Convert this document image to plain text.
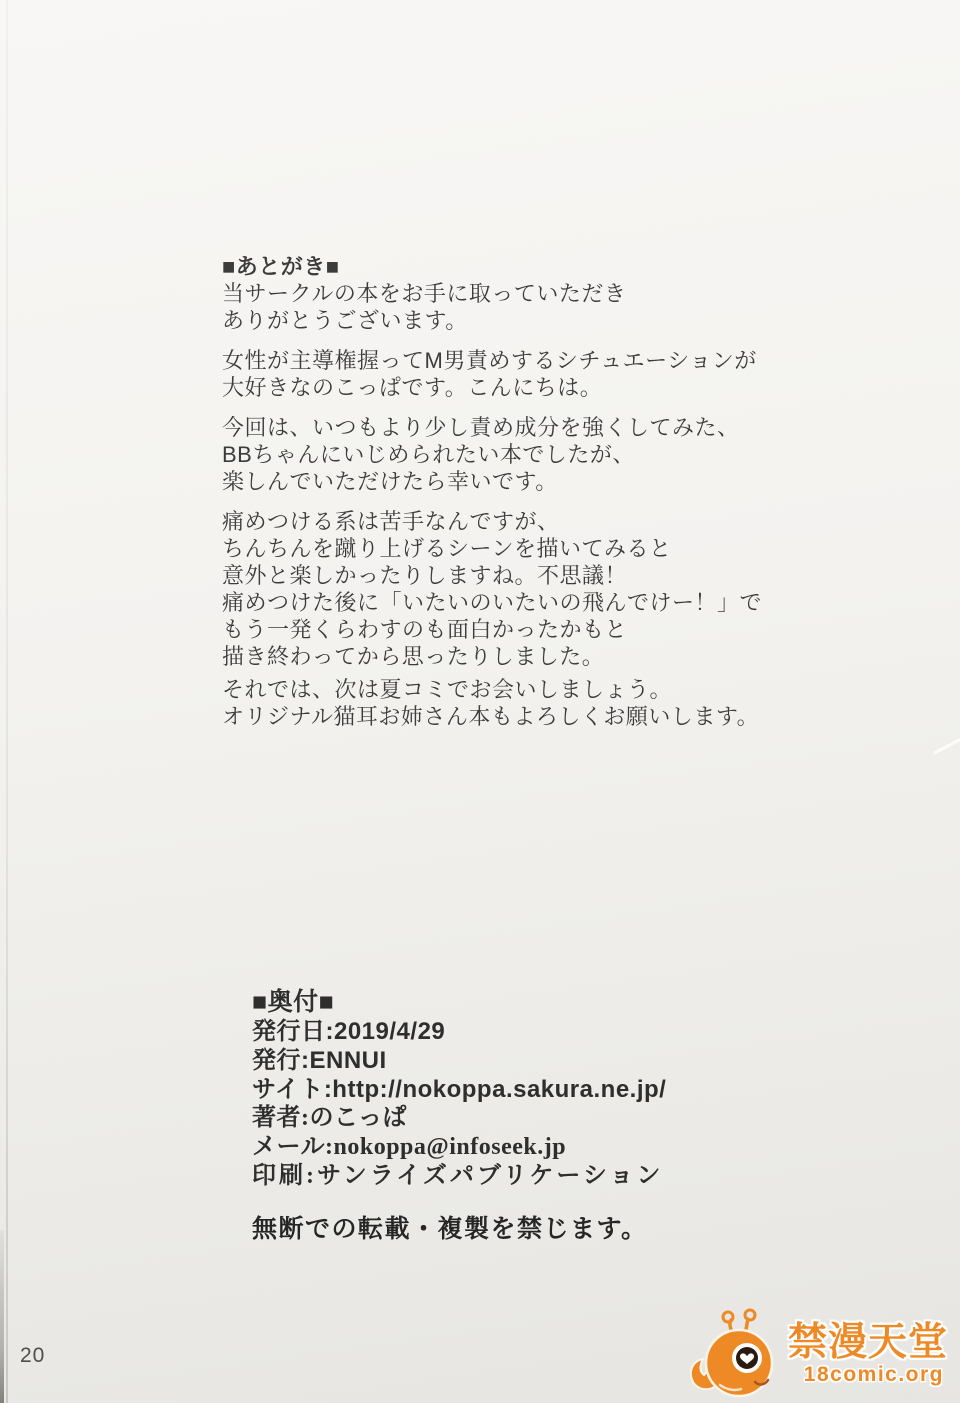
■あとがき■
当サークルの本をお手に取っていただき
ありがとうございます。
女性が主導権握ってM男責めするシチュエーションが
大好きなのこっぱです。こんにちは。
今回は、いつもより少し責め成分を強くしてみた、
BBちゃんにいじめられたい本でしたが、
楽しんでいただけたら幸いです。
痛めつける系は苦手なんですが、
ちんちんを蹴り上げるシーンを描いてみると
意外と楽しかったりしますね。不思議！
痛めつけた後に「いたいのいたいの飛んでけー！」で
もう一発くらわすのも面白かったかもと
描き終わってから思ったりしました。
それでは、次は夏コミでお会いしましょう。
オリジナル猫耳お姉さん本もよろしくお願いします。
■奥付■
発行日:2019/4/29
発行:ENNUI
サイト:http://nokoppa.sakura.ne.jp/
著者:のこっぱ
メール:nokoppa@infoseek.jp
印刷:サンライズパブリケーション
無断での転載・複製を禁じます。
20	禁漫天堂
18comic.org
